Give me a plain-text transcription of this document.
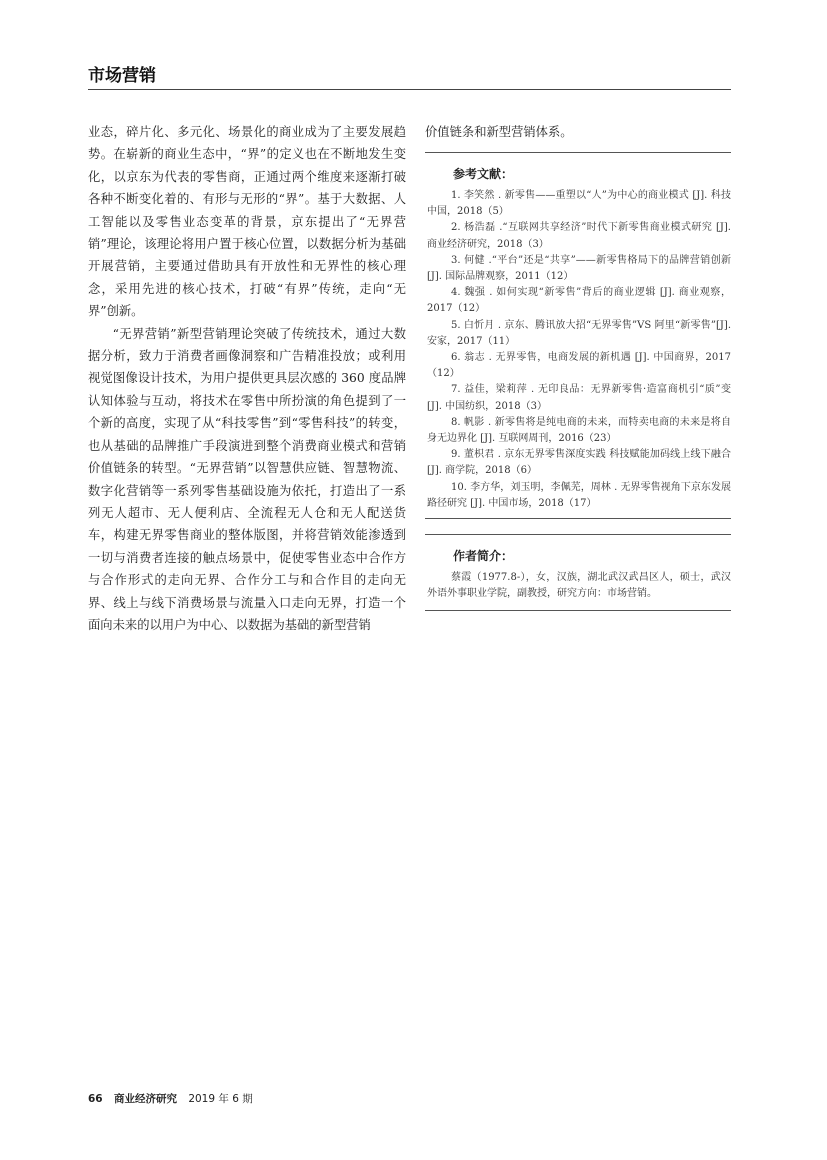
市场营销

业态，碎片化、多元化、场景化的商业成为了主要发展趋势。在崭新的商业生态中，“界”的定义也在不断地发生变化，以京东为代表的零售商，正通过两个维度来逐渐打破各种不断变化着的、有形与无形的“界”。基于大数据、人工智能以及零售业态变革的背景，京东提出了“无界营销”理论，该理论将用户置于核心位置，以数据分析为基础开展营销，主要通过借助具有开放性和无界性的核心理念，采用先进的核心技术，打破“有界”传统，走向“无界”创新。

“无界营销”新型营销理论突破了传统技术，通过大数据分析，致力于消费者画像洞察和广告精准投放；或利用视觉图像设计技术，为用户提供更具层次感的 360 度品牌认知体验与互动，将技术在零售中所扮演的角色提到了一个新的高度，实现了从“科技零售”到“零售科技”的转变，也从基础的品牌推广手段演进到整个消费商业模式和营销价值链条的转型。“无界营销”以智慧供应链、智慧物流、数字化营销等一系列零售基础设施为依托，打造出了一系列无人超市、无人便利店、全流程无人仓和无人配送货车，构建无界零售商业的整体版图，并将营销效能渗透到一切与消费者连接的触点场景中，促使零售业态中合作方与合作形式的走向无界、合作分工与和合作目的走向无界、线上与线下消费场景与流量入口走向无界，打造一个面向未来的以用户为中心、以数据为基础的新型营销

价值链条和新型营销体系。

参考文献：
1. 李笑然 . 新零售——重塑以“人”为中心的商业模式 [J]. 科技中国，2018（5）
2. 杨浩磊 .“互联网共享经济”时代下新零售商业模式研究 [J]. 商业经济研究，2018（3）
3. 何健 .“平台”还是“共享”——新零售格局下的品牌营销创新 [J]. 国际品牌观察，2011（12）
4. 魏强 . 如何实现“新零售”背后的商业逻辑 [J]. 商业观察，2017（12）
5. 白忻月 . 京东、腾讯放大招“无界零售”VS 阿里“新零售”[J]. 安家，2017（11）
6. 翁志 . 无界零售，电商发展的新机遇 [J]. 中国商界，2017（12）
7. 益佳，梁莉萍 . 无印良品：无界新零售·造富商机引“质”变 [J]. 中国纺织，2018（3）
8. 帆影 . 新零售将是纯电商的未来，而特卖电商的未来是将自身无边界化 [J]. 互联网周刊，2016（23）
9. 董枳君 . 京东无界零售深度实践 科技赋能加码线上线下融合 [J]. 商学院，2018（6）
10. 李方华，刘玉明，李佩芜，周林 . 无界零售视角下京东发展路径研究 [J]. 中国市场，2018（17）
作者简介：

蔡霞（1977.8-），女，汉族，湖北武汉武昌区人，硕士，武汉外语外事职业学院，副教授，研究方向：市场营销。

66 商业经济研究 2019 年 6 期
